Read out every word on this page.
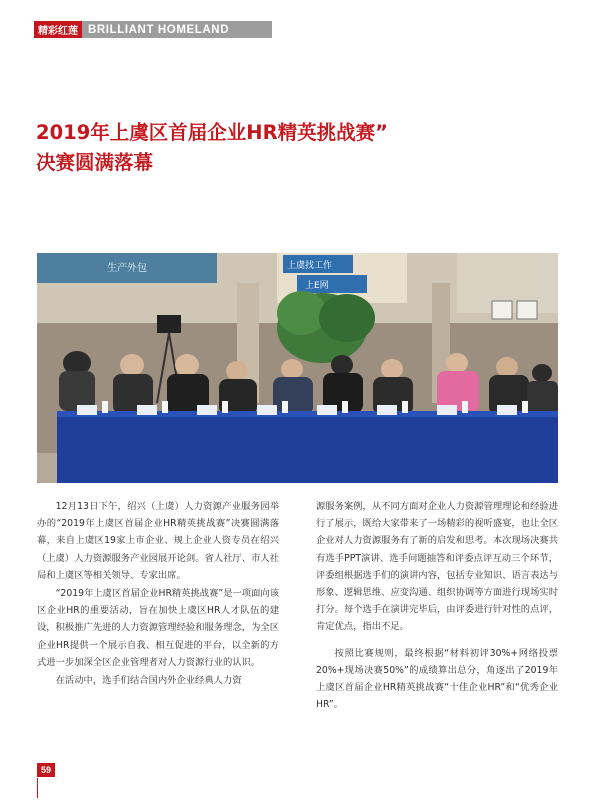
精彩红莲 BRILLIANT HOMELAND
2019年上虞区首届企业HR精英挑战赛”
决赛圆满落幕
生产外包	上虞找工作
上E网

12月13日下午，绍兴（上虞）人力资源产业服务园举办的“2019年上虞区首届企业HR精英挑战赛”决赛圆满落幕，来自上虞区19家上市企业、规上企业人资专员在绍兴（上虞）人力资源服务产业园展开论剑。省人社厅、市人社局和上虞区等相关领导、专家出席。

“2019年上虞区首届企业HR精英挑战赛”是一项面向该区企业HR的重要活动，旨在加快上虞区HR人才队伍的建设，积极推广先进的人力资源管理经验和服务理念，为全区企业HR提供一个展示自我、相互促进的平台，以全新的方式进一步加深全区企业管理者对人力资源行业的认识。

在活动中，选手们结合国内外企业经典人力资

源服务案例，从不同方面对企业人力资源管理理论和经验进行了展示，既给大家带来了一场精彩的视听盛宴，也让全区企业对人力资源服务有了新的启发和思考。本次现场决赛共有选手PPT演讲、选手问题抽答和评委点评互动三个环节，评委组根据选手们的演讲内容，包括专业知识、语言表达与形象、逻辑思维、应变沟通、组织协调等方面进行现场实时打分。每个选手在演讲完毕后，由评委进行针对性的点评，肯定优点，指出不足。

按照比赛规则，最终根据“材料初评30%+网络投票20%+现场决赛50%”的成绩算出总分，角逐出了2019年上虞区首届企业HR精英挑战赛“十佳企业HR”和“优秀企业HR”。

59
